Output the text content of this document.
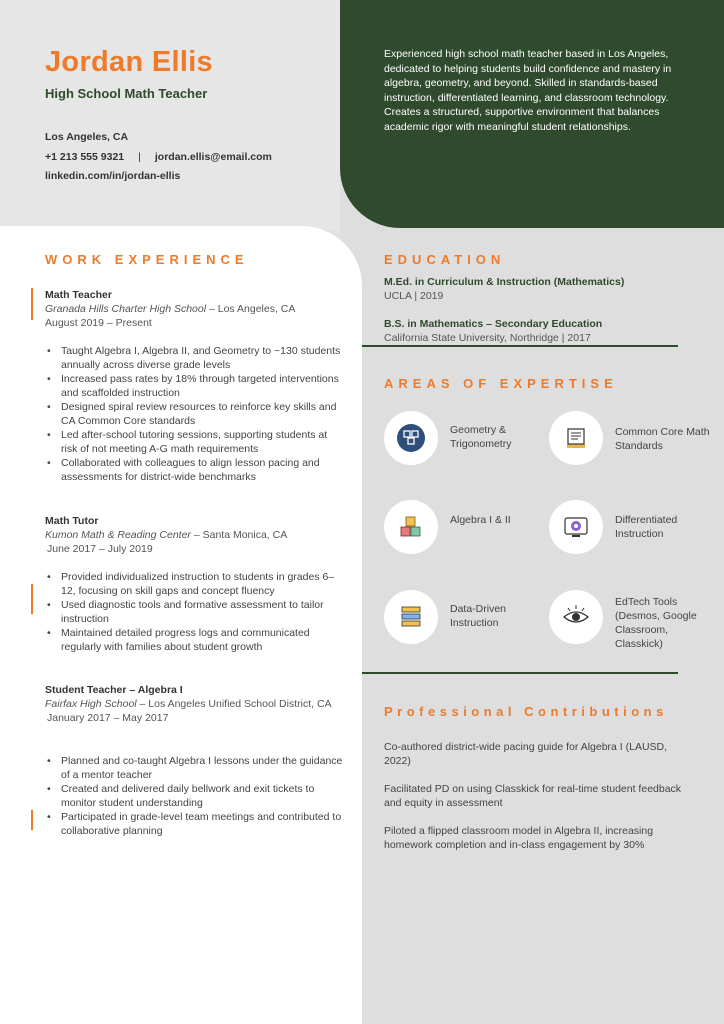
Jordan Ellis
High School Math Teacher
Los Angeles, CA
+1 213 555 9321 | jordan.ellis@email.com
linkedin.com/in/jordan-ellis
Experienced high school math teacher based in Los Angeles, dedicated to helping students build confidence and mastery in algebra, geometry, and beyond. Skilled in standards-based instruction, differentiated learning, and classroom technology. Creates a structured, supportive environment that balances academic rigor with meaningful student relationships.
WORK EXPERIENCE
Math Teacher
Granada Hills Charter High School – Los Angeles, CA
August 2019 – Present
• Taught Algebra I, Algebra II, and Geometry to ~130 students annually across diverse grade levels
• Increased pass rates by 18% through targeted interventions and scaffolded instruction
• Designed spiral review resources to reinforce key skills and CA Common Core standards
• Led after-school tutoring sessions, supporting students at risk of not meeting A-G math requirements
• Collaborated with colleagues to align lesson pacing and assessments for district-wide benchmarks
Math Tutor
Kumon Math & Reading Center – Santa Monica, CA
June 2017 – July 2019
• Provided individualized instruction to students in grades 6–12, focusing on skill gaps and concept fluency
• Used diagnostic tools and formative assessment to tailor instruction
• Maintained detailed progress logs and communicated regularly with families about student growth
Student Teacher – Algebra I
Fairfax High School – Los Angeles Unified School District, CA
January 2017 – May 2017
• Planned and co-taught Algebra I lessons under the guidance of a mentor teacher
• Created and delivered daily bellwork and exit tickets to monitor student understanding
• Participated in grade-level team meetings and contributed to collaborative planning
EDUCATION
M.Ed. in Curriculum & Instruction (Mathematics)
UCLA | 2019
B.S. in Mathematics – Secondary Education
California State University, Northridge | 2017
AREAS OF EXPERTISE
Geometry & Trigonometry
Common Core Math Standards
Algebra I & II	Differentiated Instruction
Data-Driven Instruction
EdTech Tools (Desmos, Google Classroom, Classkick)
Professional Contributions
Co-authored district-wide pacing guide for Algebra I (LAUSD, 2022)
Facilitated PD on using Classkick for real-time student feedback and equity in assessment
Piloted a flipped classroom model in Algebra II, increasing homework completion and in-class engagement by 30%
